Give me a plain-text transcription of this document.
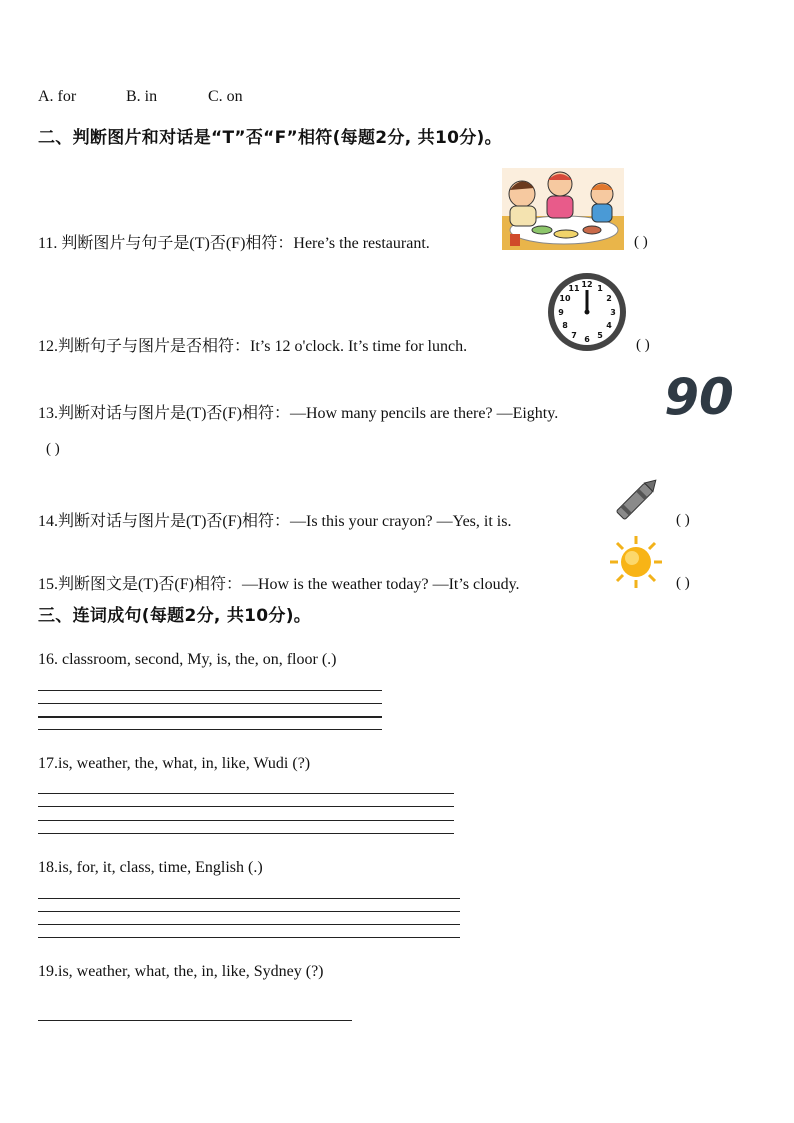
A. for	B. in	C. on
二、判断图片和对话是“T”否“F”相符(每题2分, 共10分)。
11. 判断图片与句子是(T)否(F)相符：Here’s the restaurant.	( )
12.判断句子与图片是否相符：It’s 12 o'clock. It’s time for lunch.
12 1
2
3
4
5
6
7
8
9
10
11
( )
13.判断对话与图片是(T)否(F)相符：—How many pencils are there? —Eighty. 90
( )
14.判断对话与图片是(T)否(F)相符：—Is this your crayon? —Yes, it is.	( )
15.判断图文是(T)否(F)相符：—How is the weather today? —It’s cloudy.	( )
三、连词成句(每题2分, 共10分)。
16. classroom, second, My, is, the, on, floor (.)
17.is, weather, the, what, in, like, Wudi (?)
18.is, for, it, class, time, English (.)
19.is, weather, what, the, in, like, Sydney (?)
